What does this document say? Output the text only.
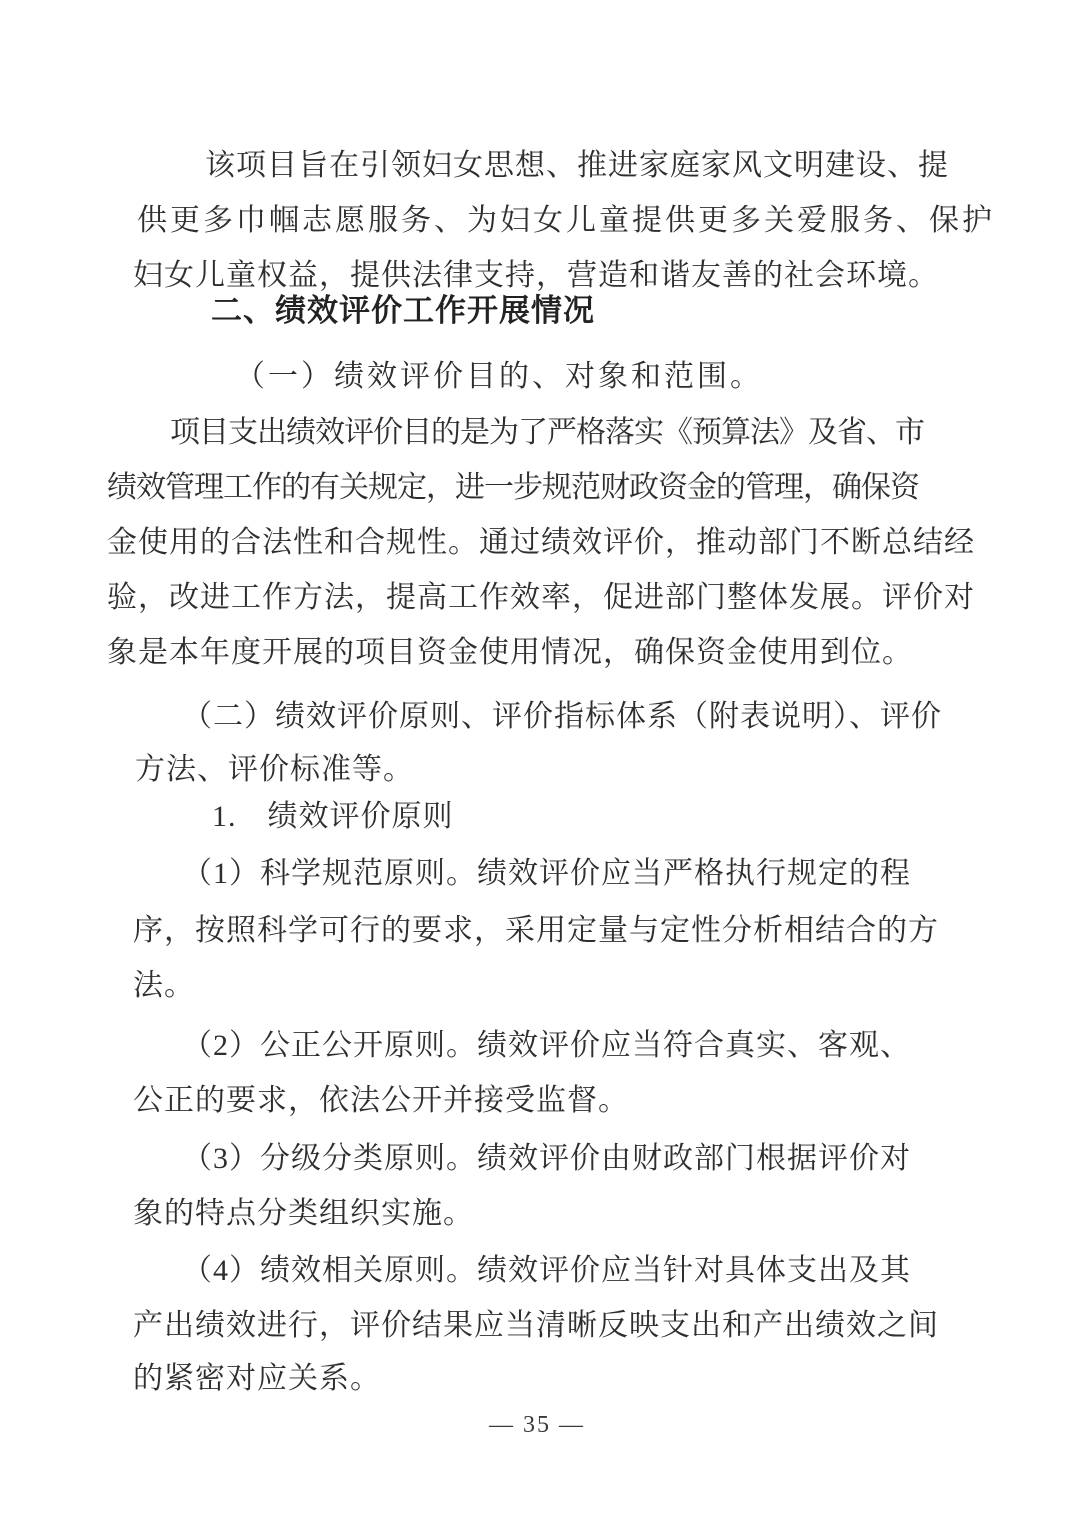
该项目旨在引领妇女思想、推进家庭家风文明建设、提
供更多巾帼志愿服务、为妇女儿童提供更多关爱服务、保护
妇女儿童权益，提供法律支持，营造和谐友善的社会环境。
二、绩效评价工作开展情况
（一）绩效评价目的、对象和范围。
项目支出绩效评价目的是为了严格落实《预算法》及省、市
绩效管理工作的有关规定，进一步规范财政资金的管理，确保资
金使用的合法性和合规性。通过绩效评价，推动部门不断总结经
验，改进工作方法，提高工作效率，促进部门整体发展。评价对
象是本年度开展的项目资金使用情况，确保资金使用到位。
（二）绩效评价原则、评价指标体系（附表说明）、评价
方法、评价标准等。
1.　绩效评价原则
（1）科学规范原则。绩效评价应当严格执行规定的程
序，按照科学可行的要求，采用定量与定性分析相结合的方
法。
（2）公正公开原则。绩效评价应当符合真实、客观、
公正的要求，依法公开并接受监督。
（3）分级分类原则。绩效评价由财政部门根据评价对
象的特点分类组织实施。
（4）绩效相关原则。绩效评价应当针对具体支出及其
产出绩效进行，评价结果应当清晰反映支出和产出绩效之间
的紧密对应关系。
— 35 —
